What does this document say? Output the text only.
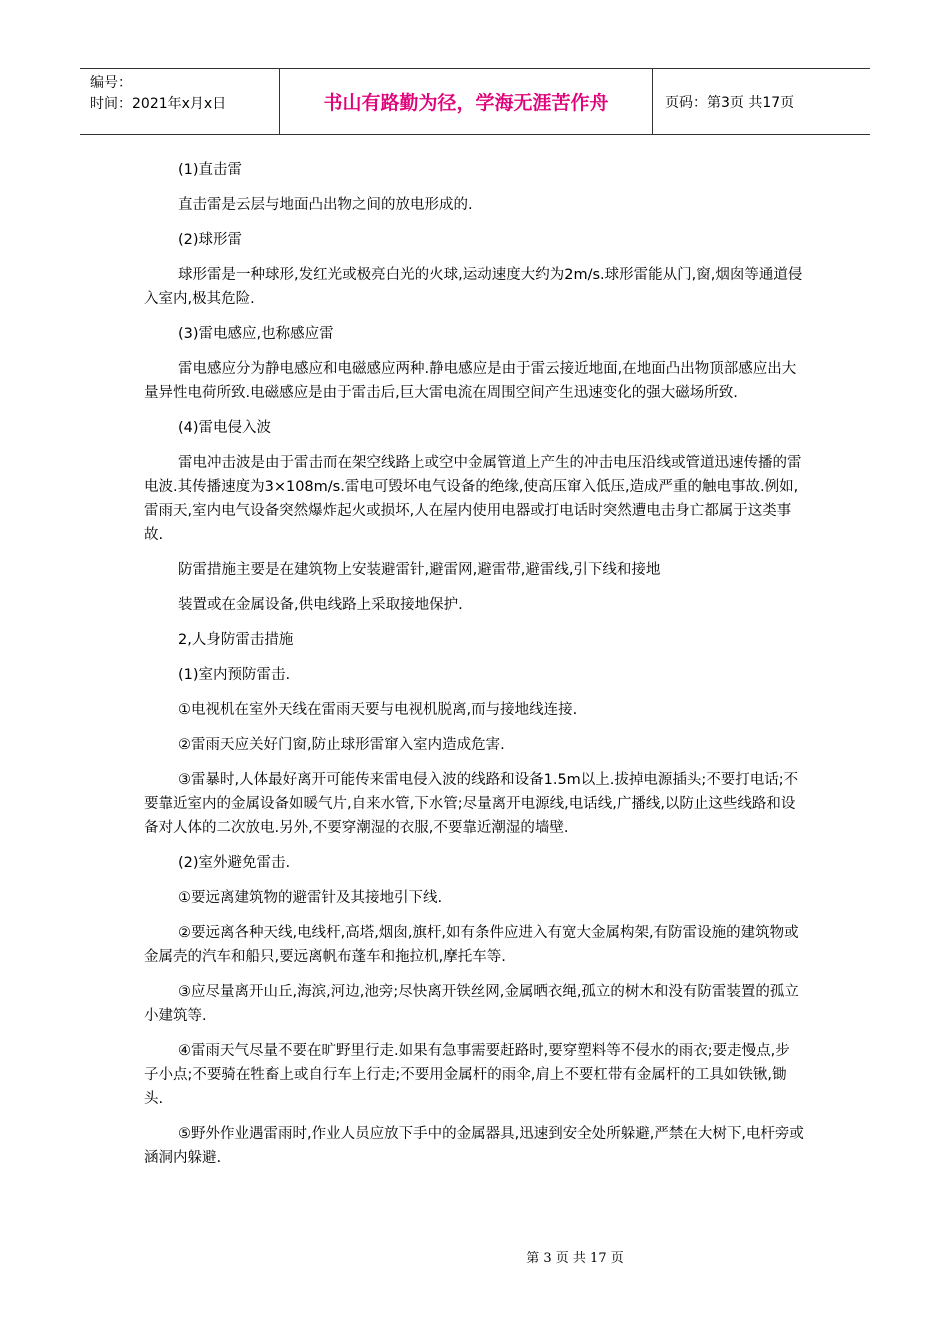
编号：
时间：2021年x月x日	书山有路勤为径，学海无涯苦作舟	页码：第3页 共17页

(1)直击雷

直击雷是云层与地面凸出物之间的放电形成的.

(2)球形雷

球形雷是一种球形,发红光或极亮白光的火球,运动速度大约为2m/s.球形雷能从门,窗,烟囱等通道侵入室内,极其危险.

(3)雷电感应,也称感应雷

雷电感应分为静电感应和电磁感应两种.静电感应是由于雷云接近地面,在地面凸出物顶部感应出大量异性电荷所致.电磁感应是由于雷击后,巨大雷电流在周围空间产生迅速变化的强大磁场所致.

(4)雷电侵入波

雷电冲击波是由于雷击而在架空线路上或空中金属管道上产生的冲击电压沿线或管道迅速传播的雷电波.其传播速度为3×108m/s.雷电可毁坏电气设备的绝缘,使高压窜入低压,造成严重的触电事故.例如,雷雨天,室内电气设备突然爆炸起火或损坏,人在屋内使用电器或打电话时突然遭电击身亡都属于这类事故.

防雷措施主要是在建筑物上安装避雷针,避雷网,避雷带,避雷线,引下线和接地

装置或在金属设备,供电线路上采取接地保护.

2,人身防雷击措施

(1)室内预防雷击.

①电视机在室外天线在雷雨天要与电视机脱离,而与接地线连接.

②雷雨天应关好门窗,防止球形雷窜入室内造成危害.

③雷暴时,人体最好离开可能传来雷电侵入波的线路和设备1.5m以上.拔掉电源插头;不要打电话;不要靠近室内的金属设备如暖气片,自来水管,下水管;尽量离开电源线,电话线,广播线,以防止这些线路和设备对人体的二次放电.另外,不要穿潮湿的衣服,不要靠近潮湿的墙壁.

(2)室外避免雷击.

①要远离建筑物的避雷针及其接地引下线.

②要远离各种天线,电线杆,高塔,烟囱,旗杆,如有条件应进入有宽大金属构架,有防雷设施的建筑物或金属壳的汽车和船只,要远离帆布蓬车和拖拉机,摩托车等.

③应尽量离开山丘,海滨,河边,池旁;尽快离开铁丝网,金属晒衣绳,孤立的树木和没有防雷装置的孤立小建筑等.

④雷雨天气尽量不要在旷野里行走.如果有急事需要赶路时,要穿塑料等不侵水的雨衣;要走慢点,步子小点;不要骑在牲畜上或自行车上行走;不要用金属杆的雨伞,肩上不要杠带有金属杆的工具如铁锹,锄头.

⑤野外作业遇雷雨时,作业人员应放下手中的金属器具,迅速到安全处所躲避,严禁在大树下,电杆旁或涵洞内躲避.

第 3 页 共 17 页
